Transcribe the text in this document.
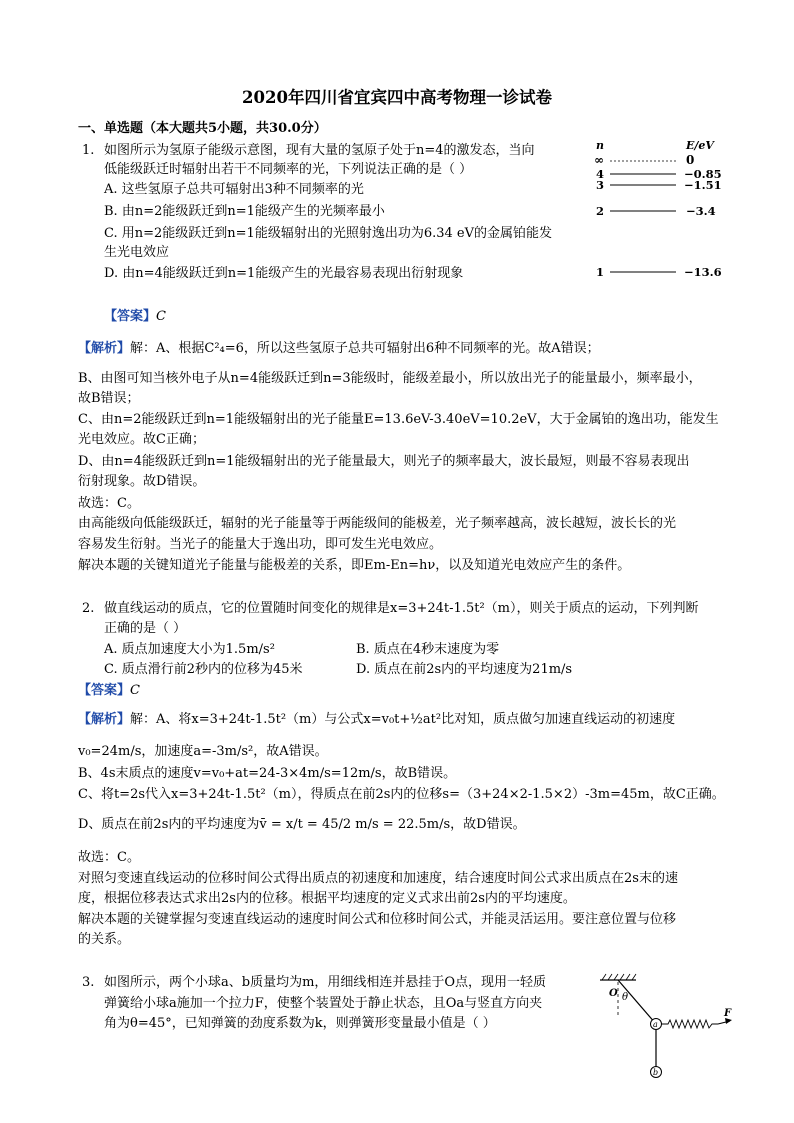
2020年四川省宜宾四中高考物理一诊试卷
一、单选题（本大题共5小题，共30.0分）
1. 如图所示为氢原子能级示意图，现有大量的氢原子处于n=4的激发态，当向
低能级跃迁时辐射出若干不同频率的光，下列说法正确的是（ ）
A. 这些氢原子总共可辐射出3种不同频率的光
B. 由n=2能级跃迁到n=1能级产生的光频率最小
C. 用n=2能级跃迁到n=1能级辐射出的光照射逸出功为6.34 eV的金属铂能发
生光电效应
D. 由n=4能级跃迁到n=1能级产生的光最容易表现出衍射现象
n	E/eV
∞	0
4	−0.85
3	−1.51
2	−3.4
1	−13.6
【答案】C
【解析】解：A、根据C²₄=6，所以这些氢原子总共可辐射出6种不同频率的光。故A错误；
B、由图可知当核外电子从n=4能级跃迁到n=3能级时，能级差最小，所以放出光子的能量最小，频率最小，
故B错误；
C、由n=2能级跃迁到n=1能级辐射出的光子能量E=13.6eV-3.40eV=10.2eV，大于金属铂的逸出功，能发生
光电效应。故C正确；
D、由n=4能级跃迁到n=1能级辐射出的光子能量最大，则光子的频率最大，波长最短，则最不容易表现出
衍射现象。故D错误。
故选：C。
由高能级向低能级跃迁，辐射的光子能量等于两能级间的能极差，光子频率越高，波长越短，波长长的光
容易发生衍射。当光子的能量大于逸出功，即可发生光电效应。
解决本题的关键知道光子能量与能极差的关系，即Em-En=hν，以及知道光电效应产生的条件。
2. 做直线运动的质点，它的位置随时间变化的规律是x=3+24t-1.5t²（m），则关于质点的运动，下列判断
正确的是（ ）
A. 质点加速度大小为1.5m/s²	B. 质点在4秒末速度为零
C. 质点滑行前2秒内的位移为45米	D. 质点在前2s内的平均速度为21m/s
【答案】C
【解析】解：A、将x=3+24t-1.5t²（m）与公式x=v₀t+½at²比对知，质点做匀加速直线运动的初速度
v₀=24m/s，加速度a=-3m/s²，故A错误。
B、4s末质点的速度v=v₀+at=24-3×4m/s=12m/s，故B错误。
C、将t=2s代入x=3+24t-1.5t²（m），得质点在前2s内的位移s=（3+24×2-1.5×2）-3m=45m，故C正确。
D、质点在前2s内的平均速度为v̄ = x/t = 45/2 m/s = 22.5m/s，故D错误。
故选：C。
对照匀变速直线运动的位移时间公式得出质点的初速度和加速度，结合速度时间公式求出质点在2s末的速
度，根据位移表达式求出2s内的位移。根据平均速度的定义式求出前2s内的平均速度。
解决本题的关键掌握匀变速直线运动的速度时间公式和位移时间公式，并能灵活运用。要注意位置与位移
的关系。
3. 如图所示，两个小球a、b质量均为m，用细线相连并悬挂于O点，现用一轻质
弹簧给小球a施加一个拉力F，使整个装置处于静止状态，且Oa与竖直方向夹
角为θ=45°，已知弹簧的劲度系数为k，则弹簧形变量最小值是（ ）
O θ
a
b
F
